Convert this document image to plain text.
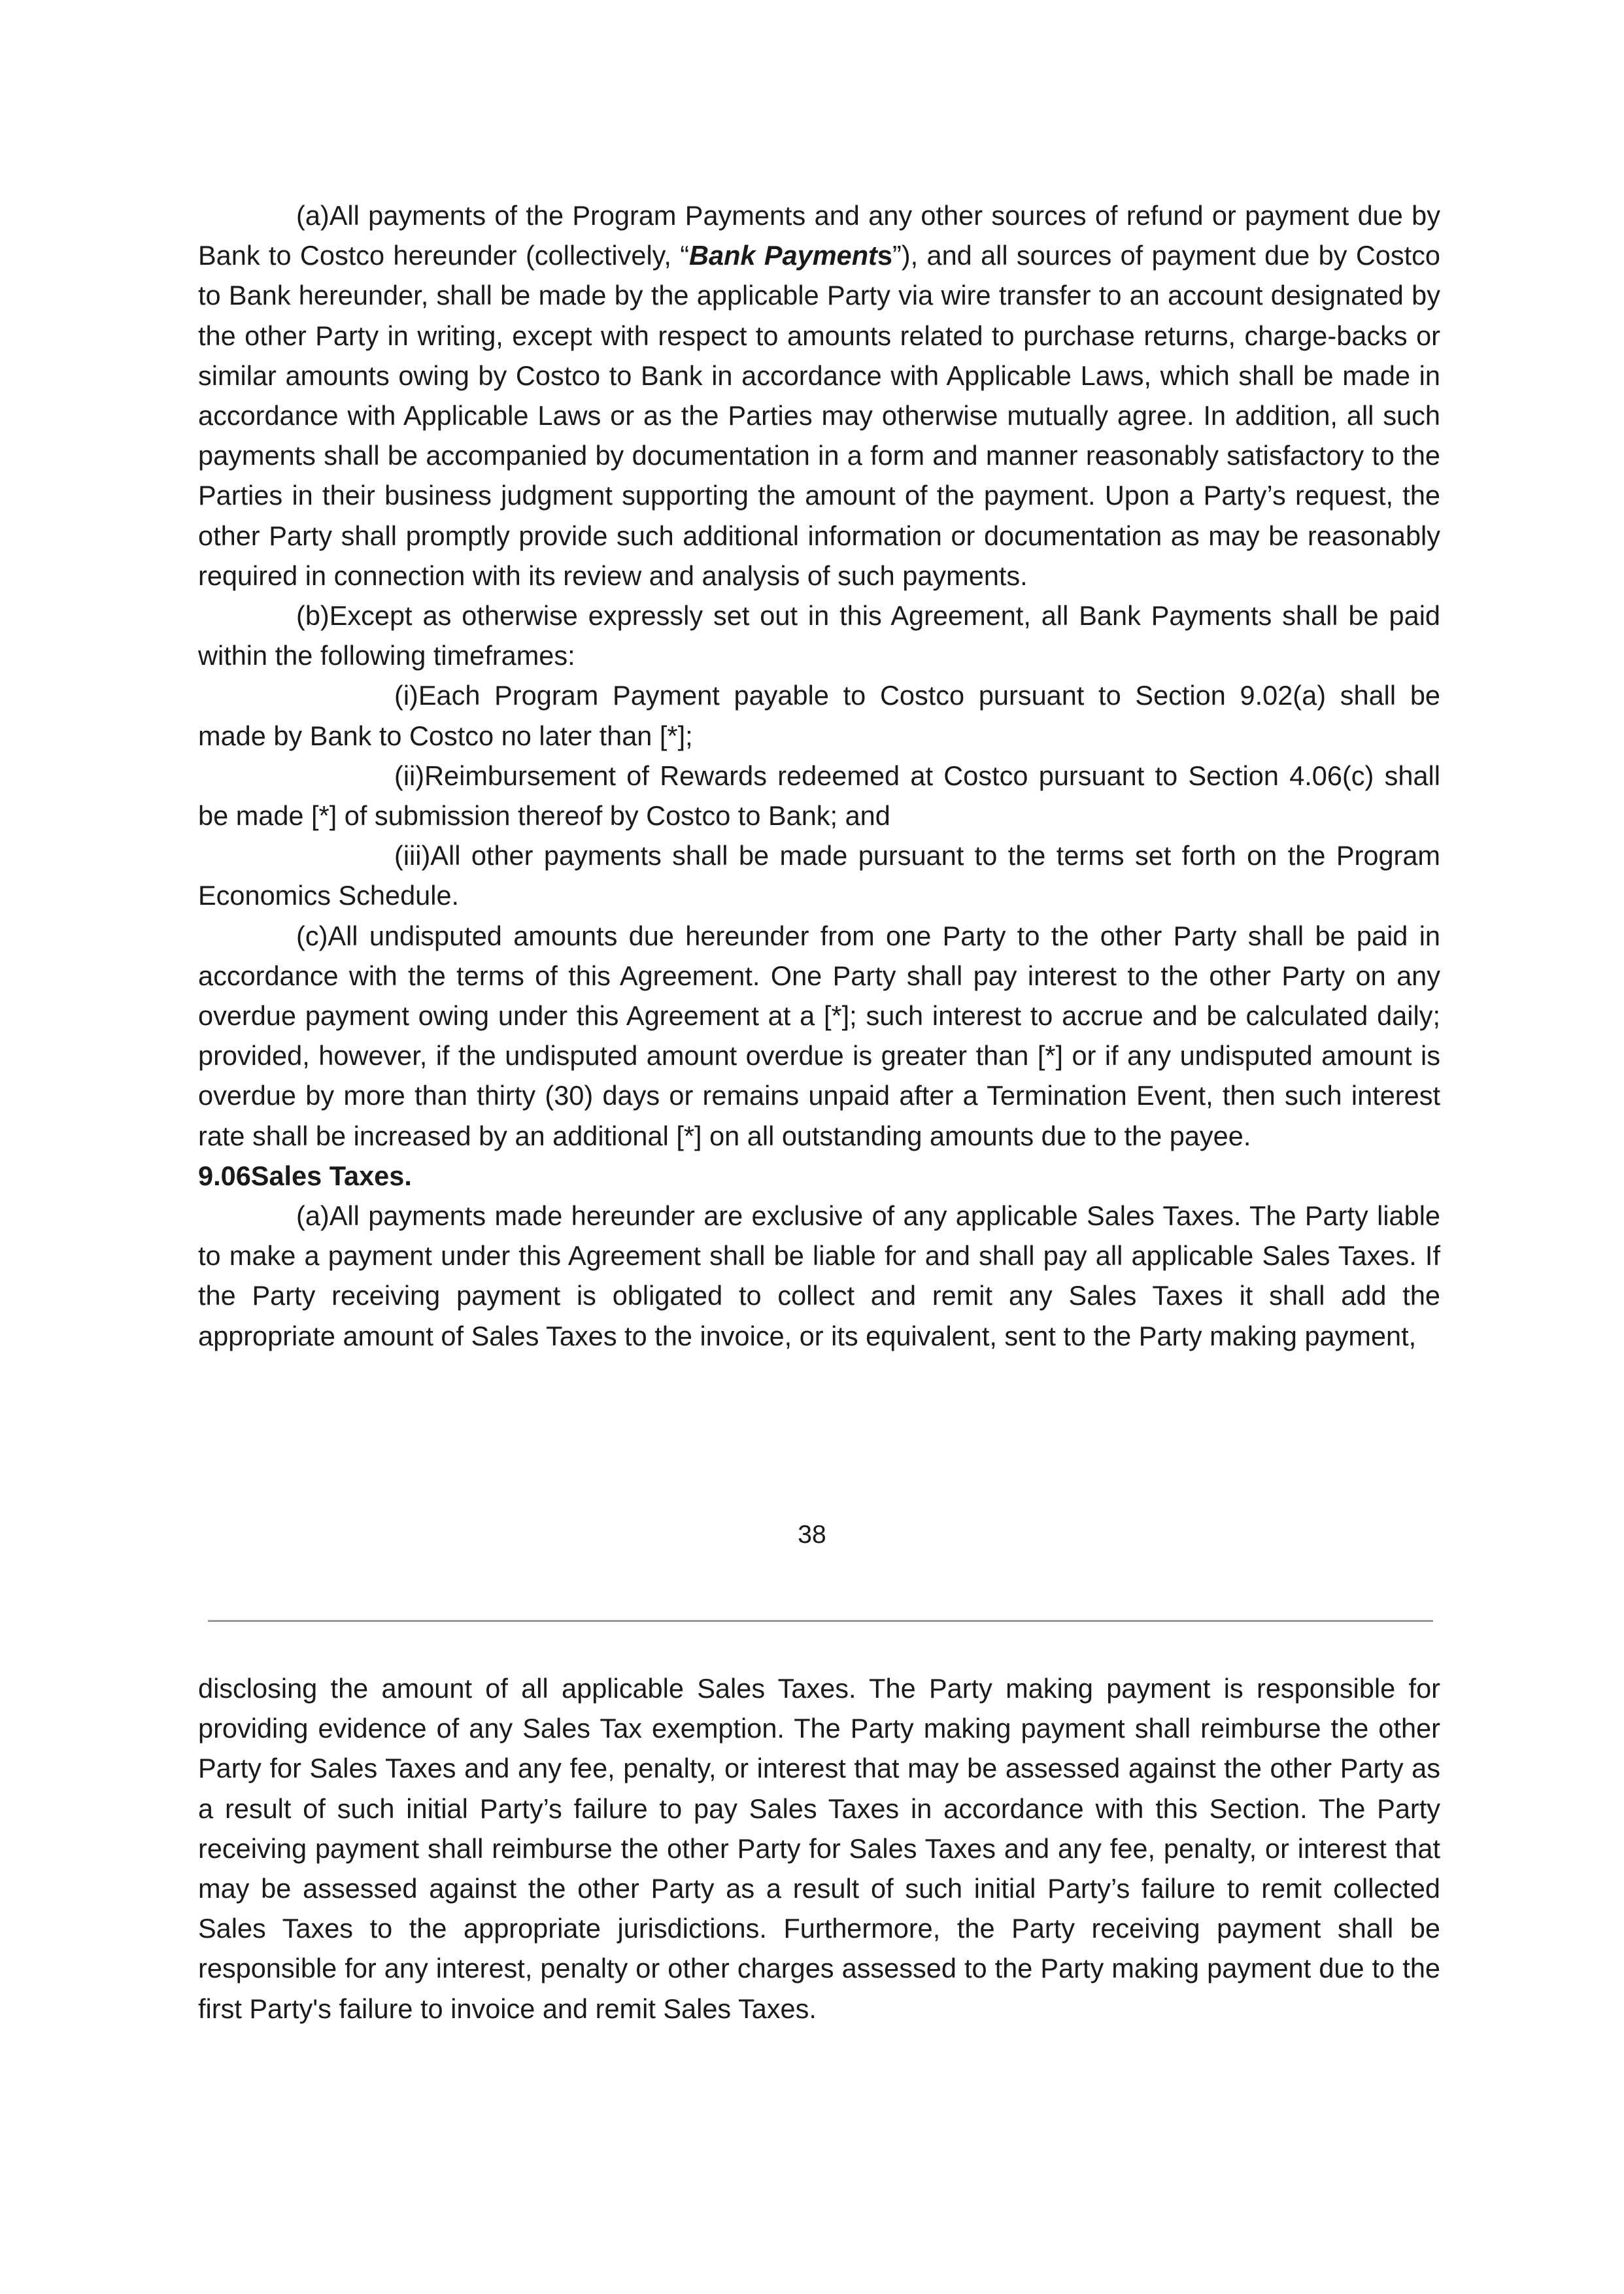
(a)All payments of the Program Payments and any other sources of refund or payment due by Bank to Costco hereunder (collectively, “Bank Payments”), and all sources of payment due by Costco to Bank hereunder, shall be made by the applicable Party via wire transfer to an account designated by the other Party in writing, except with respect to amounts related to purchase returns, charge-backs or similar amounts owing by Costco to Bank in accordance with Applicable Laws, which shall be made in accordance with Applicable Laws or as the Parties may otherwise mutually agree. In addition, all such payments shall be accompanied by documentation in a form and manner reasonably satisfactory to the Parties in their business judgment supporting the amount of the payment. Upon a Party’s request, the other Party shall promptly provide such additional information or documentation as may be reasonably required in connection with its review and analysis of such payments.

(b)Except as otherwise expressly set out in this Agreement, all Bank Payments shall be paid within the following timeframes:

(i)Each Program Payment payable to Costco pursuant to Section 9.02(a) shall be made by Bank to Costco no later than [*];

(ii)Reimbursement of Rewards redeemed at Costco pursuant to Section 4.06(c) shall be made [*] of submission thereof by Costco to Bank; and

(iii)All other payments shall be made pursuant to the terms set forth on the Program Economics Schedule.

(c)All undisputed amounts due hereunder from one Party to the other Party shall be paid in accordance with the terms of this Agreement. One Party shall pay interest to the other Party on any overdue payment owing under this Agreement at a [*]; such interest to accrue and be calculated daily; provided, however, if the undisputed amount overdue is greater than [*] or if any undisputed amount is overdue by more than thirty (30) days or remains unpaid after a Termination Event, then such interest rate shall be increased by an additional [*] on all outstanding amounts due to the payee.

9.06Sales Taxes.

(a)All payments made hereunder are exclusive of any applicable Sales Taxes. The Party liable to make a payment under this Agreement shall be liable for and shall pay all applicable Sales Taxes. If the Party receiving payment is obligated to collect and remit any Sales Taxes it shall add the appropriate amount of Sales Taxes to the invoice, or its equivalent, sent to the Party making payment,

38

disclosing the amount of all applicable Sales Taxes. The Party making payment is responsible for providing evidence of any Sales Tax exemption. The Party making payment shall reimburse the other Party for Sales Taxes and any fee, penalty, or interest that may be assessed against the other Party as a result of such initial Party’s failure to pay Sales Taxes in accordance with this Section. The Party receiving payment shall reimburse the other Party for Sales Taxes and any fee, penalty, or interest that may be assessed against the other Party as a result of such initial Party’s failure to remit collected Sales Taxes to the appropriate jurisdictions. Furthermore, the Party receiving payment shall be responsible for any interest, penalty or other charges assessed to the Party making payment due to the first Party's failure to invoice and remit Sales Taxes.
